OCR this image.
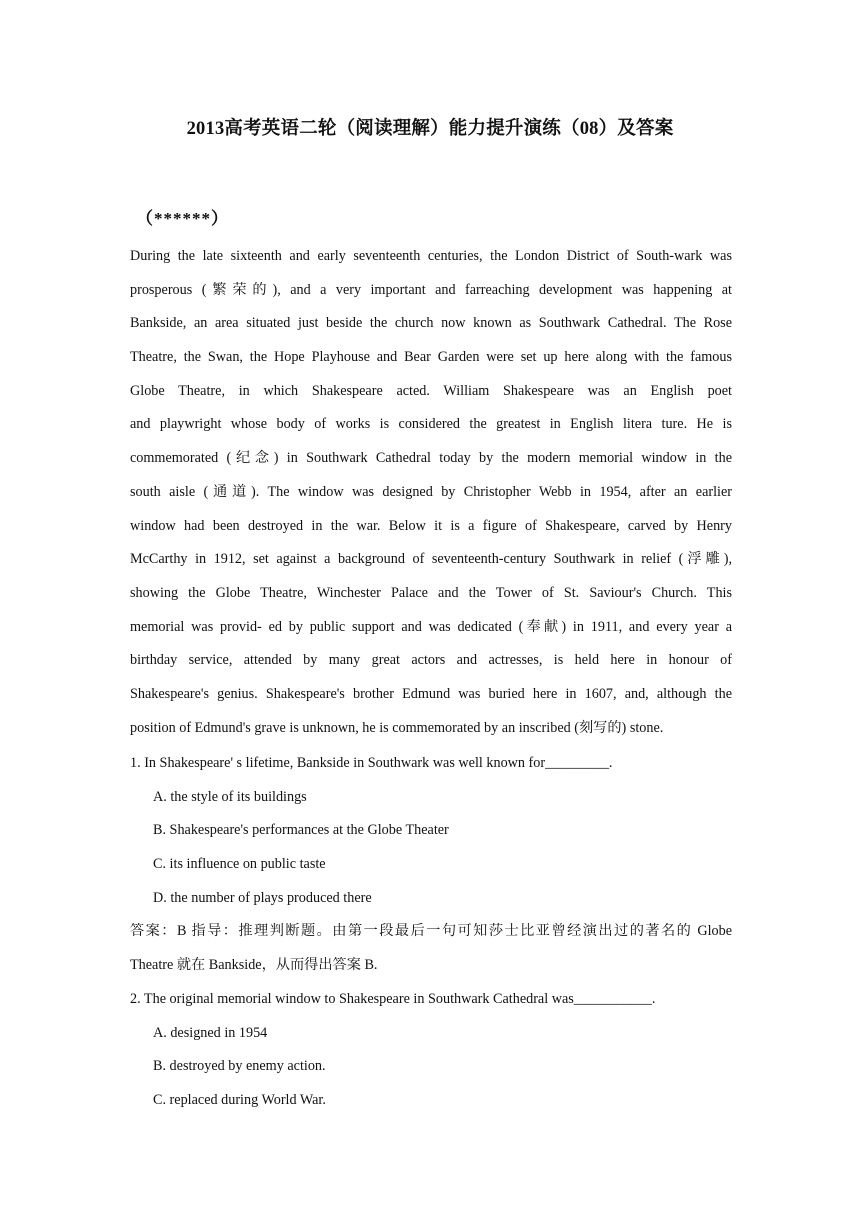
2013高考英语二轮（阅读理解）能力提升演练（08）及答案
（******）
During the late sixteenth and early seventeenth centuries, the London District of South-wark was
prosperous (繁荣的), and a very important and farreaching development was happening at
Bankside, an area situated just beside the church now known as Southwark Cathedral. The Rose
Theatre, the Swan, the Hope Playhouse and Bear Garden were set up here along with the famous
Globe Theatre, in which Shakespeare acted. William Shakespeare was an English poet
and playwright whose body of works is considered the greatest in English litera ture. He is
commemorated (纪念) in Southwark Cathedral today by the modern memorial window in the
south aisle (通道). The window was designed by Christopher Webb in 1954, after an earlier
window had been destroyed in the war. Below it is a figure of Shakespeare, carved by Henry
McCarthy in 1912, set against a background of seventeenth-century Southwark in relief (浮雕),
showing the Globe Theatre, Winchester Palace and the Tower of St. Saviour's Church. This
memorial was provid- ed by public support and was dedicated (奉献) in 1911, and every year a
birthday service, attended by many great actors and actresses, is held here in honour of
Shakespeare's genius. Shakespeare's brother Edmund was buried here in 1607, and, although the
position of Edmund's grave is unknown, he is commemorated by an inscribed (刻写的) stone.
1. In Shakespeare' s lifetime, Bankside in Southwark was well known for_________.
A. the style of its buildings
B. Shakespeare's performances at the Globe Theater
C. its influence on public taste
D. the number of plays produced there
答案：B 指导：推理判断题。由第一段最后一句可知莎士比亚曾经演出过的著名的 Globe
Theatre 就在 Bankside，从而得出答案 B.
2. The original memorial window to Shakespeare in Southwark Cathedral was___________.
A. designed in 1954
B. destroyed by enemy action.
C. replaced during World War.
